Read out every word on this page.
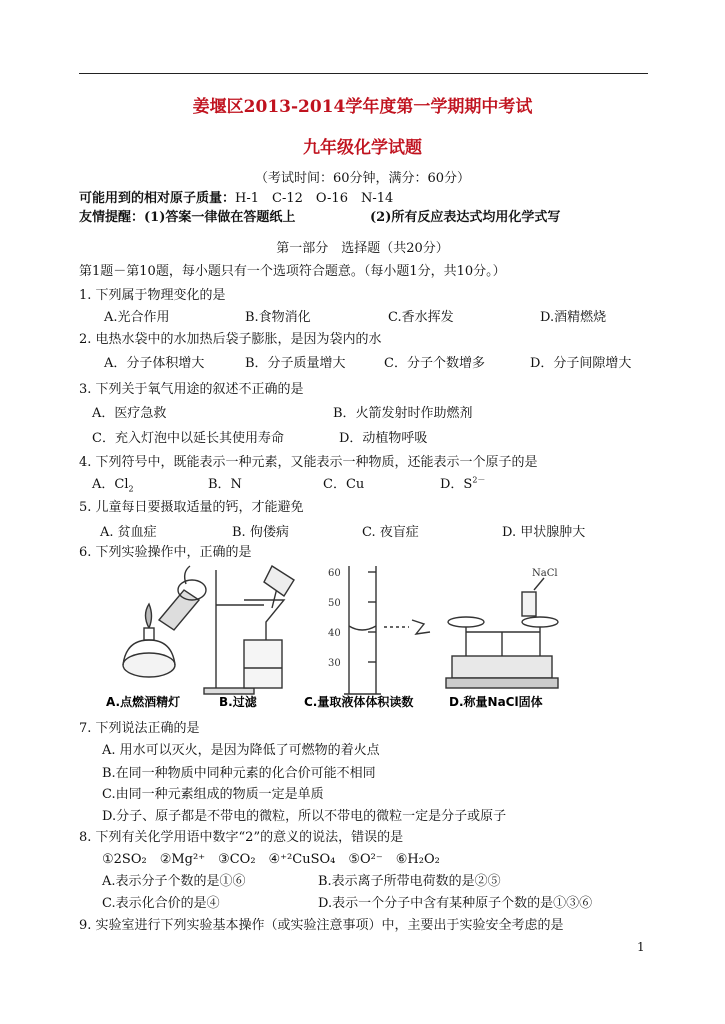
姜堰区2013-2014学年度第一学期期中考试
九年级化学试题
（考试时间：60分钟，满分：60分）
可能用到的相对原子质量：H-1　C-12　O-16　N-14
友情提醒：(1)答案一律做在答题纸上	(2)所有反应表达式均用化学式写
第一部分　选择题（共20分）
第1题－第10题，每小题只有一个选项符合题意。（每小题1分，共10分。）
1. 下列属于物理变化的是
A.光合作用	B.食物消化	C.香水挥发	D.酒精燃烧
2. 电热水袋中的水加热后袋子膨胀，是因为袋内的水
A．分子体积增大	B．分子质量增大	C．分子个数增多	D．分子间隙增大
3. 下列关于氧气用途的叙述不正确的是
A．医疗急救	B．火箭发射时作助燃剂
C．充入灯泡中以延长其使用寿命	D．动植物呼吸
4. 下列符号中，既能表示一种元素，又能表示一种物质，还能表示一个原子的是
A．$Cl_2$	B．N	C．Cu	D．$S^{2-}$
5. 儿童每日要摄取适量的钙，才能避免
A. 贫血症	B. 佝偻病	C. 夜盲症	D. 甲状腺肿大
6. 下列实验操作中，正确的是
60
50
40
30
NaCl
A.点燃酒精灯	B.过滤	C.量取液体体积读数	D.称量NaCl固体
7. 下列说法正确的是
A. 用水可以灭火，是因为降低了可燃物的着火点
B.在同一种物质中同种元素的化合价可能不相同
C.由同一种元素组成的物质一定是单质
D.分子、原子都是不带电的微粒，所以不带电的微粒一定是分子或原子
8. 下列有关化学用语中数字“2”的意义的说法，错误的是
①2SO₂　②Mg²⁺　③CO₂　④⁺²CuSO₄　⑤O²⁻　⑥H₂O₂
A.表示分子个数的是①⑥	B.表示离子所带电荷数的是②⑤
C.表示化合价的是④	D.表示一个分子中含有某种原子个数的是①③⑥
9. 实验室进行下列实验基本操作（或实验注意事项）中，主要出于实验安全考虑的是
1
